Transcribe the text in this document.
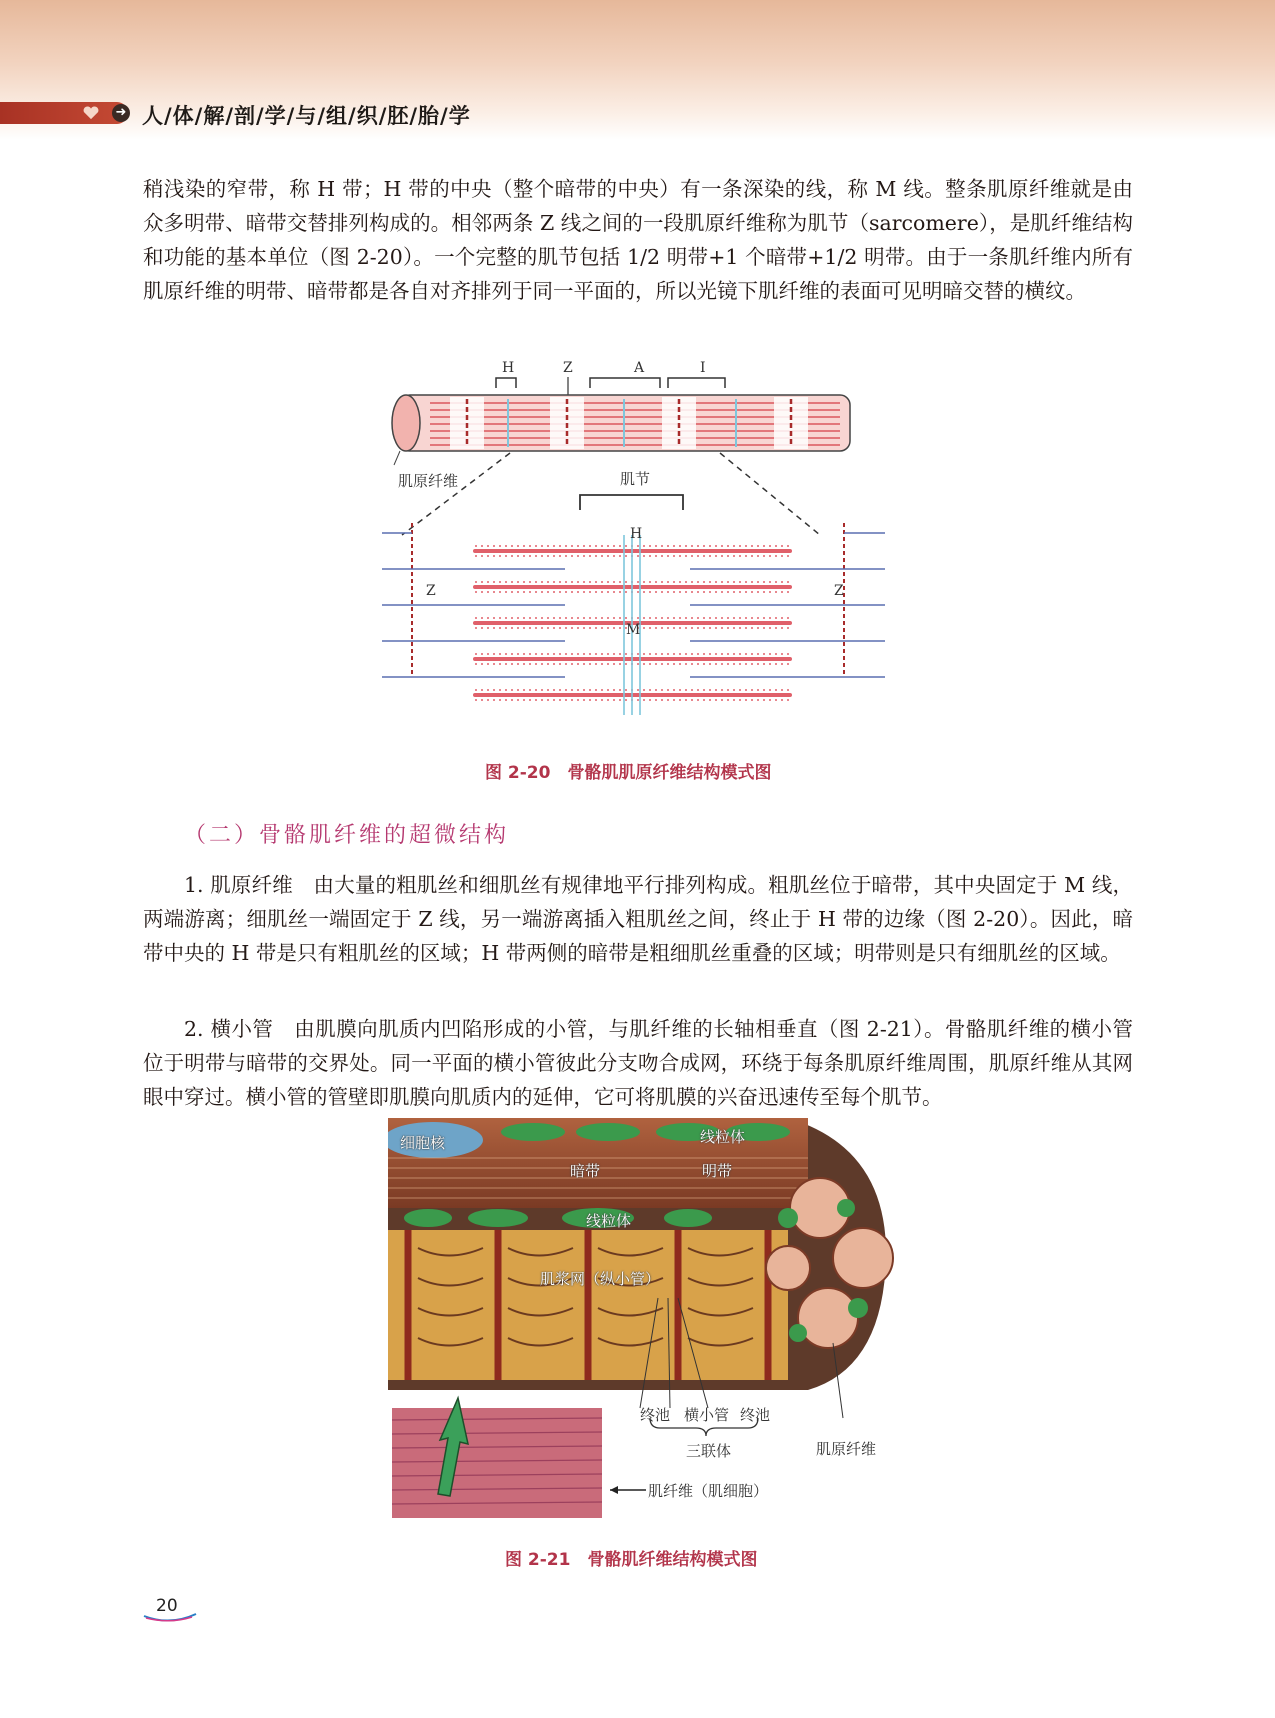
➜ 人/体/解/剖/学/与/组/织/胚/胎/学

稍浅染的窄带，称 H 带；H 带的中央（整个暗带的中央）有一条深染的线，称 M 线。整条肌原纤维就是由众多明带、暗带交替排列构成的。相邻两条 Z 线之间的一段肌原纤维称为肌节（sarcomere），是肌纤维结构和功能的基本单位（图 2-20）。一个完整的肌节包括 1/2 明带+1 个暗带+1/2 明带。由于一条肌纤维内所有肌原纤维的明带、暗带都是各自对齐排列于同一平面的，所以光镜下肌纤维的表面可见明暗交替的横纹。

H	Z	A	I
肌原纤维	肌节
H
Z	Z
M
图 2-20　骨骼肌肌原纤维结构模式图
（二）骨骼肌纤维的超微结构

1. 肌原纤维　由大量的粗肌丝和细肌丝有规律地平行排列构成。粗肌丝位于暗带，其中央固定于 M 线，两端游离；细肌丝一端固定于 Z 线，另一端游离插入粗肌丝之间，终止于 H 带的边缘（图 2-20）。因此，暗带中央的 H 带是只有粗肌丝的区域；H 带两侧的暗带是粗细肌丝重叠的区域；明带则是只有细肌丝的区域。

2. 横小管　由肌膜向肌质内凹陷形成的小管，与肌纤维的长轴相垂直（图 2-21）。骨骼肌纤维的横小管位于明带与暗带的交界处。同一平面的横小管彼此分支吻合成网，环绕于每条肌原纤维周围，肌原纤维从其网眼中穿过。横小管的管壁即肌膜向肌质内的延伸，它可将肌膜的兴奋迅速传至每个肌节。

细胞核	线粒体
暗带	明带
线粒体
肌浆网（纵小管）
终池 横小管 终池
三联体	肌原纤维
肌纤维（肌细胞）
图 2-21　骨骼肌纤维结构模式图
20
